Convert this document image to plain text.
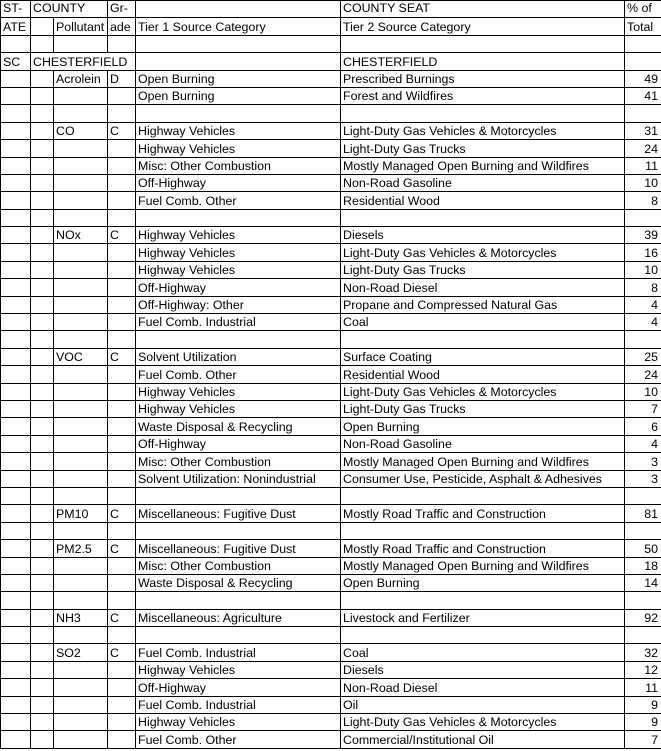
ST-	COUNTY		Gr-		COUNTY SEAT	% of
ATE		Pollutant	ade	Tier 1 Source Category	Tier 2 Source Category	Total

SC	CHESTERFIELD				CHESTERFIELD	
		Acrolein	D	Open Burning	Prescribed Burnings	49
				Open Burning	Forest and Wildfires	41

		CO	C	Highway Vehicles	Light-Duty Gas Vehicles & Motorcycles	31
				Highway Vehicles	Light-Duty Gas Trucks	24
				Misc: Other Combustion	Mostly Managed Open Burning and Wildfires	11
				Off-Highway	Non-Road Gasoline	10
				Fuel Comb. Other	Residential Wood	8

		NOx	C	Highway Vehicles	Diesels	39
				Highway Vehicles	Light-Duty Gas Vehicles & Motorcycles	16
				Highway Vehicles	Light-Duty Gas Trucks	10
				Off-Highway	Non-Road Diesel	8
				Off-Highway: Other	Propane and Compressed Natural Gas	4
				Fuel Comb. Industrial	Coal	4

		VOC	C	Solvent Utilization	Surface Coating	25
				Fuel Comb. Other	Residential Wood	24
				Highway Vehicles	Light-Duty Gas Vehicles & Motorcycles	10
				Highway Vehicles	Light-Duty Gas Trucks	7
				Waste Disposal & Recycling	Open Burning	6
				Off-Highway	Non-Road Gasoline	4
				Misc: Other Combustion	Mostly Managed Open Burning and Wildfires	3
				Solvent Utilization: Nonindustrial	Consumer Use, Pesticide, Asphalt & Adhesives	3

		PM10	C	Miscellaneous: Fugitive Dust	Mostly Road Traffic and Construction	81

		PM2.5	C	Miscellaneous: Fugitive Dust	Mostly Road Traffic and Construction	50
				Misc: Other Combustion	Mostly Managed Open Burning and Wildfires	18
				Waste Disposal & Recycling	Open Burning	14

		NH3	C	Miscellaneous: Agriculture	Livestock and Fertilizer	92

		SO2	C	Fuel Comb. Industrial	Coal	32
				Highway Vehicles	Diesels	12
				Off-Highway	Non-Road Diesel	11
				Fuel Comb. Industrial	Oil	9
				Highway Vehicles	Light-Duty Gas Vehicles & Motorcycles	9
				Fuel Comb. Other	Commercial/Institutional Oil	7
